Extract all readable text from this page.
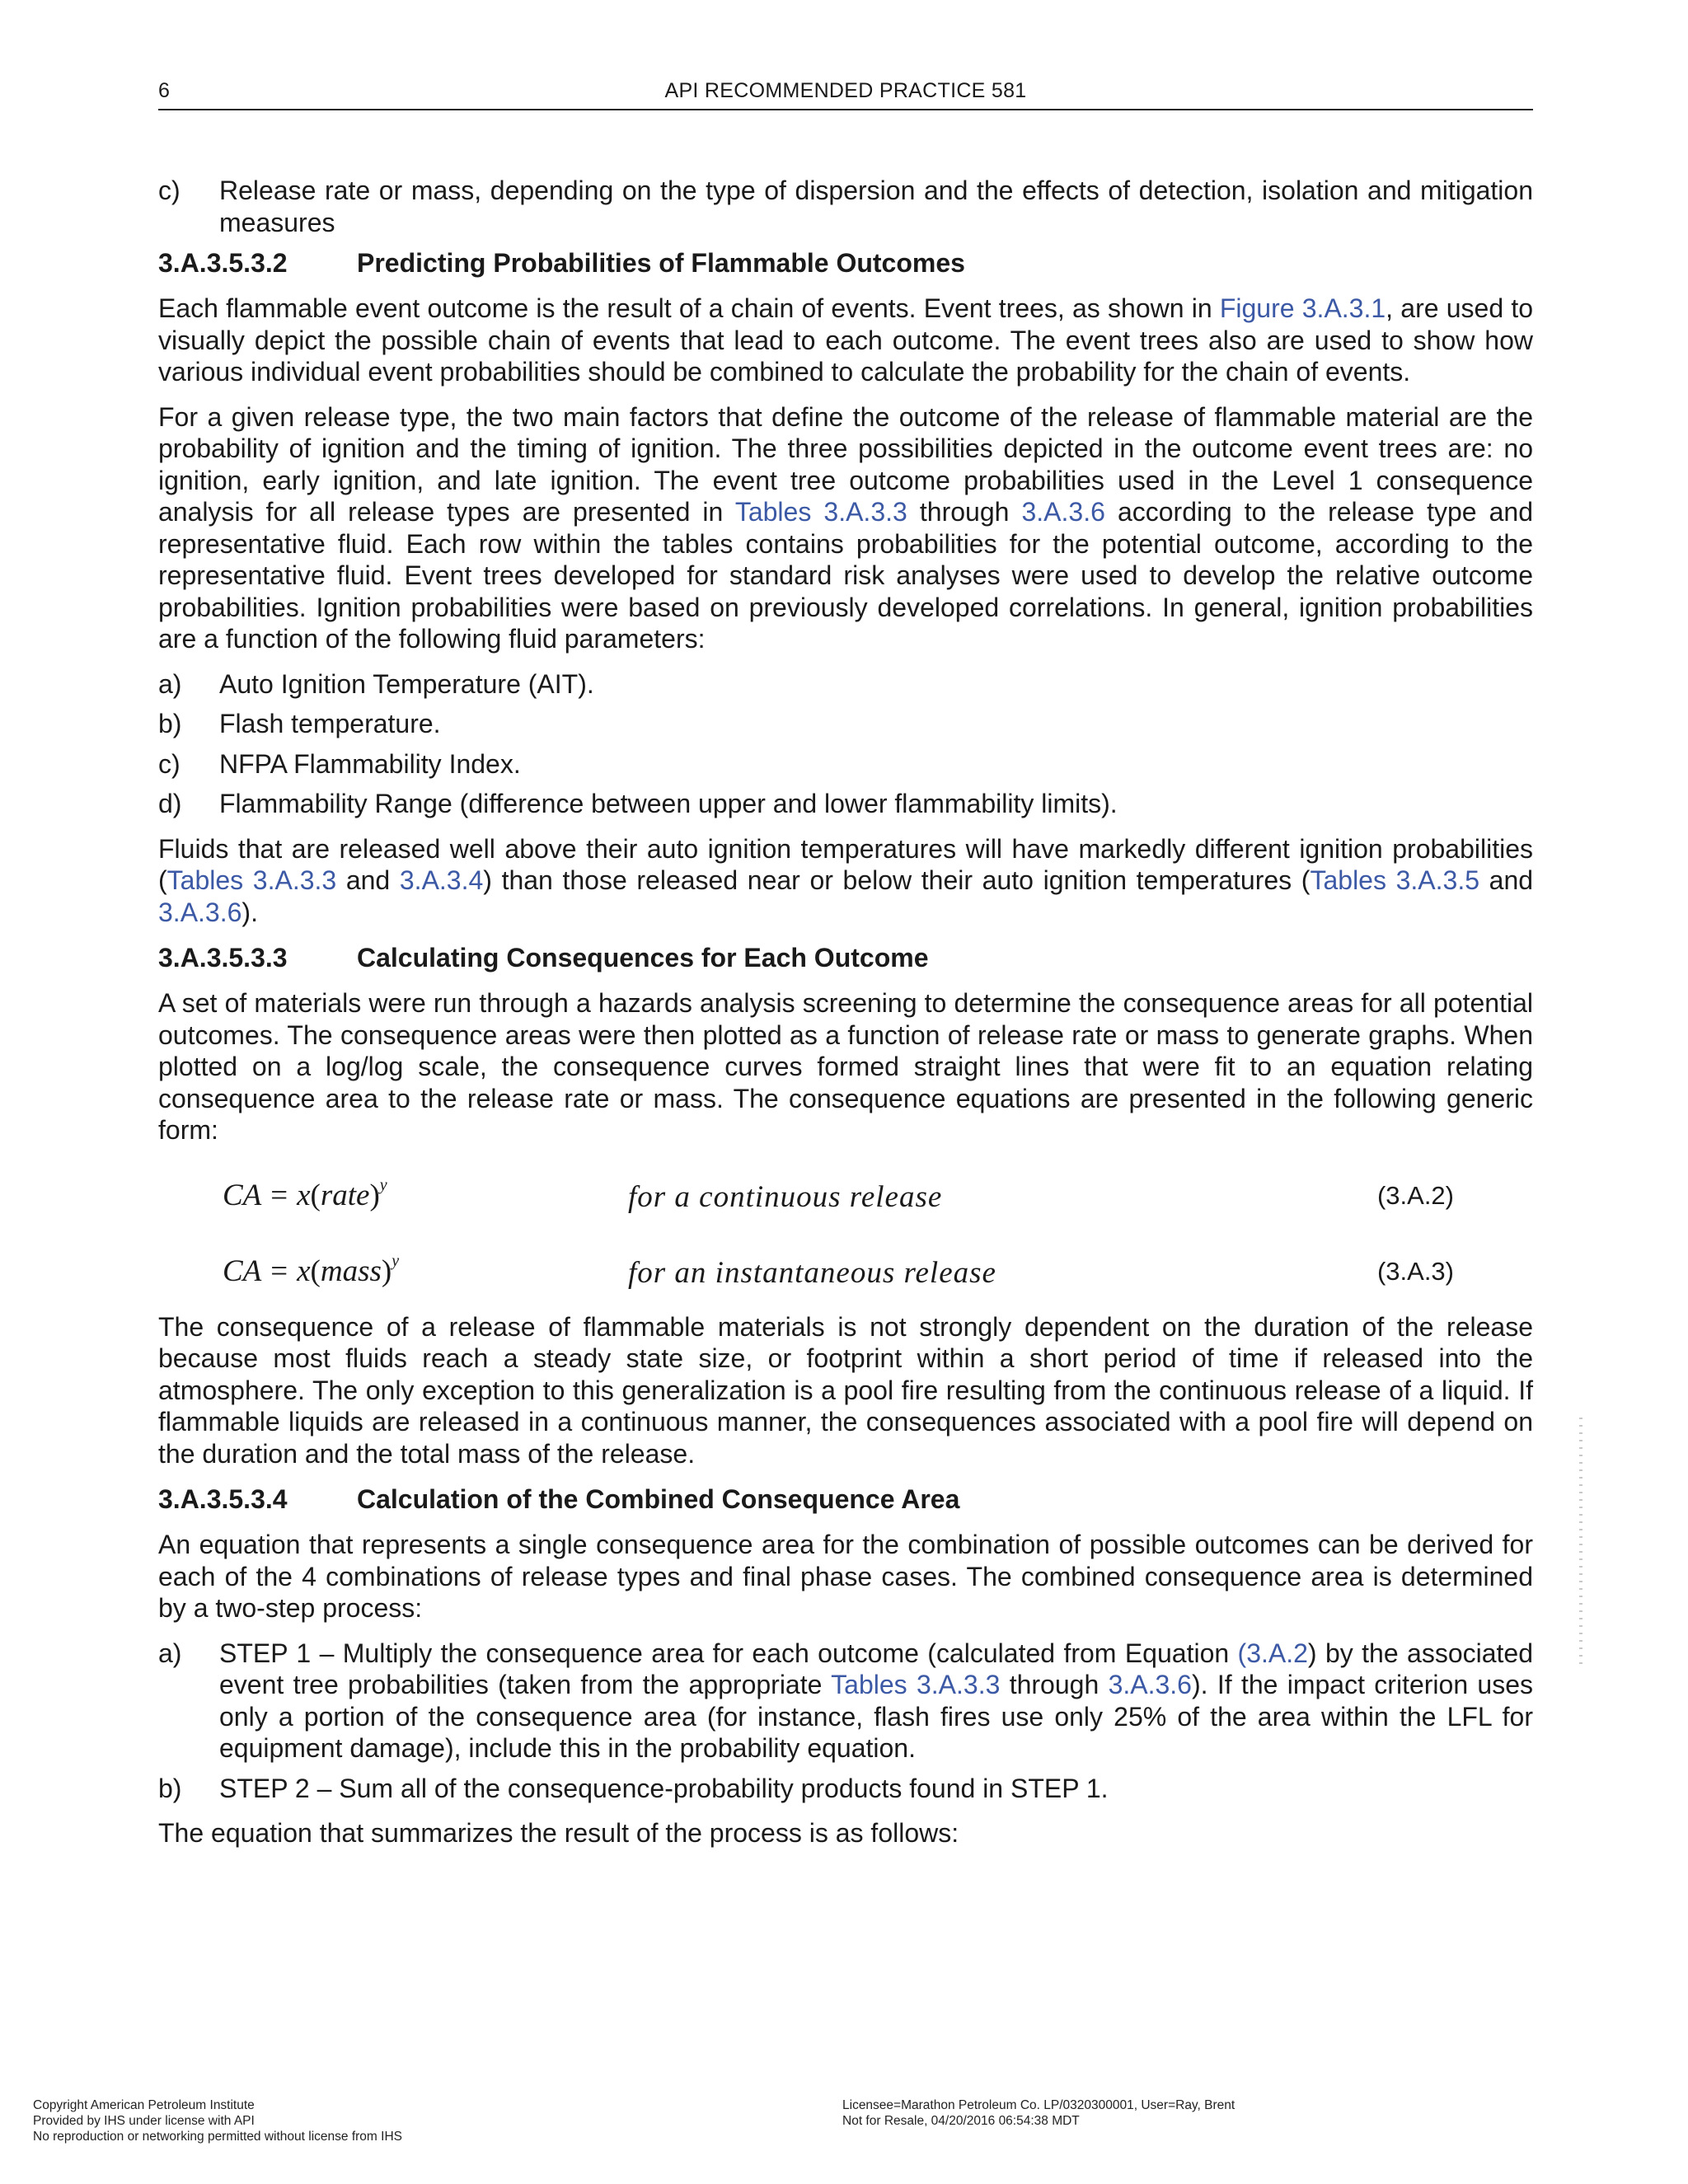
6	API RECOMMENDED PRACTICE 581
c)	Release rate or mass, depending on the type of dispersion and the effects of detection, isolation and mitigation measures
3.A.3.5.3.2	Predicting Probabilities of Flammable Outcomes

Each flammable event outcome is the result of a chain of events. Event trees, as shown in Figure 3.A.3.1, are used to visually depict the possible chain of events that lead to each outcome. The event trees also are used to show how various individual event probabilities should be combined to calculate the probability for the chain of events.

For a given release type, the two main factors that define the outcome of the release of flammable material are the probability of ignition and the timing of ignition. The three possibilities depicted in the outcome event trees are: no ignition, early ignition, and late ignition. The event tree outcome probabilities used in the Level 1 consequence analysis for all release types are presented in Tables 3.A.3.3 through 3.A.3.6 according to the release type and representative fluid. Each row within the tables contains probabilities for the potential outcome, according to the representative fluid. Event trees developed for standard risk analyses were used to develop the relative outcome probabilities. Ignition probabilities were based on previously developed correlations. In general, ignition probabilities are a function of the following fluid parameters:

a)	Auto Ignition Temperature (AIT).
b)	Flash temperature.
c)	NFPA Flammability Index.
d)	Flammability Range (difference between upper and lower flammability limits).

Fluids that are released well above their auto ignition temperatures will have markedly different ignition probabilities (Tables 3.A.3.3 and 3.A.3.4) than those released near or below their auto ignition temperatures (Tables 3.A.3.5 and 3.A.3.6).

3.A.3.5.3.3	Calculating Consequences for Each Outcome

A set of materials were run through a hazards analysis screening to determine the consequence areas for all potential outcomes. The consequence areas were then plotted as a function of release rate or mass to generate graphs. When plotted on a log/log scale, the consequence curves formed straight lines that were fit to an equation relating consequence area to the release rate or mass. The consequence equations are presented in the following generic form:

CA = x(rate)$^y$	for a continuous release	(3.A.2)
CA = x(mass)$^y$	for an instantaneous release	(3.A.3)

The consequence of a release of flammable materials is not strongly dependent on the duration of the release because most fluids reach a steady state size, or footprint within a short period of time if released into the atmosphere. The only exception to this generalization is a pool fire resulting from the continuous release of a liquid. If flammable liquids are released in a continuous manner, the consequences associated with a pool fire will depend on the duration and the total mass of the release.

3.A.3.5.3.4	Calculation of the Combined Consequence Area

An equation that represents a single consequence area for the combination of possible outcomes can be derived for each of the 4 combinations of release types and final phase cases. The combined consequence area is determined by a two-step process:

a)	STEP 1 – Multiply the consequence area for each outcome (calculated from Equation (3.A.2) by the associated event tree probabilities (taken from the appropriate Tables 3.A.3.3 through 3.A.3.6). If the impact criterion uses only a portion of the consequence area (for instance, flash fires use only 25% of the area within the LFL for equipment damage), include this in the probability equation.
b)	STEP 2 – Sum all of the consequence-probability products found in STEP 1.

The equation that summarizes the result of the process is as follows:

Copyright American Petroleum Institute
Provided by IHS under license with API
No reproduction or networking permitted without license from IHS
Licensee=Marathon Petroleum Co. LP/0320300001, User=Ray, Brent
Not for Resale, 04/20/2016 06:54:38 MDT
